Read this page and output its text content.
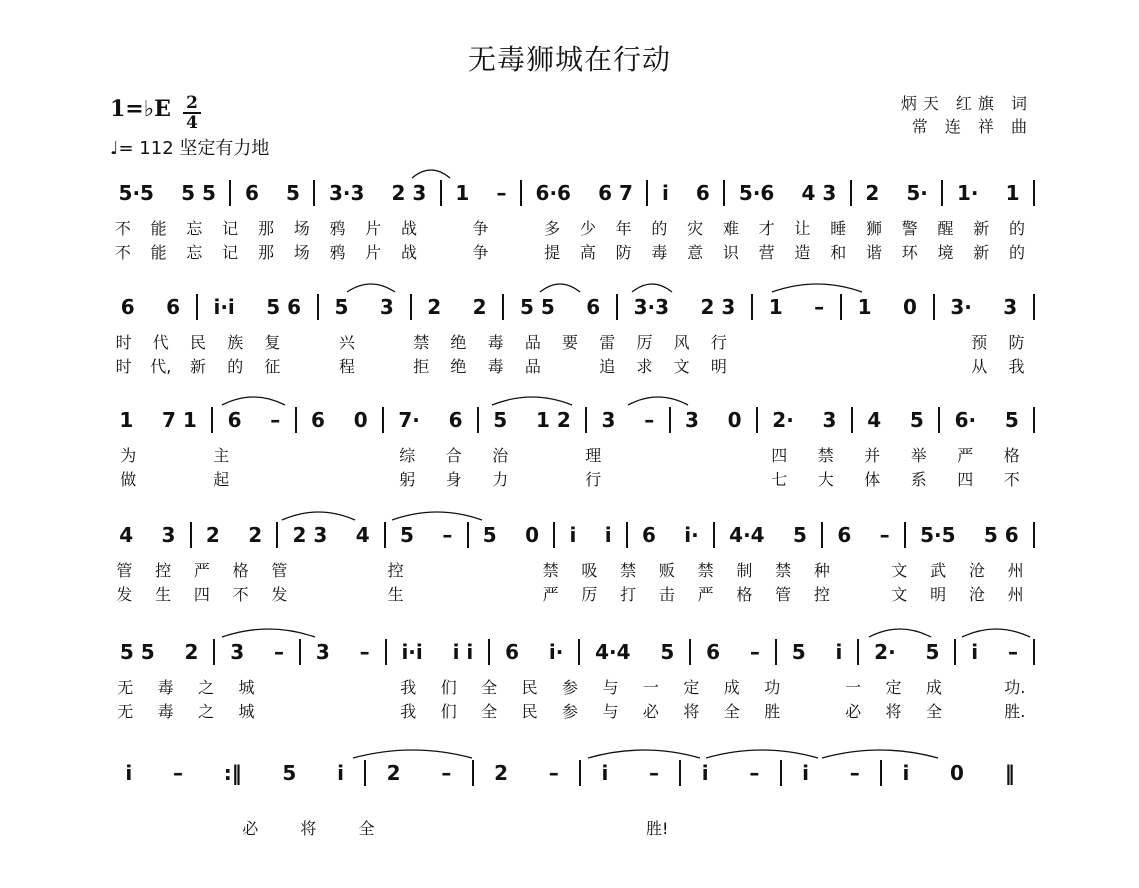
无毒狮城在行动
1=♭E 2
4
♩= 112 坚定有力地
炳天 红旗 词
常 连 祥 曲
5·5	5 5	6	5	3·3	2 3	1	–	6·6	6 7	i	6	5·6	4 3	2	5·	1·	1
不	能	忘	记	那	场	鸦	片	战	争	多	少	年	的	灾	难	才	让	睡	狮	警	醒	新	的
不	能	忘	记	那	场	鸦	片	战	争	提	高	防	毒	意	识	营	造	和	谐	环	境	新	的
6	6	i·i	5 6	5	3	2	2	5 5	6	3·3	2 3	1	–	1	0	3·	3
时	代	民	族	复	兴	禁	绝	毒	品	要	雷	厉	风	行	预	防
时	代,	新	的	征	程	拒	绝	毒	品	追	求	文	明	从	我
1	7 1	6	–	6	0	7·	6	5	1 2	3	–	3	0	2·	3	4	5	6·	5
为	主	综	合	治	理	四	禁	并	举	严	格
做	起	躬	身	力	行	七	大	体	系	四	不
4	3	2	2	2 3	4	5	–	5	0	i	i	6	i·	4·4	5	6	–	5·5	5 6
管	控	严	格	管	控	禁	吸	禁	贩	禁	制	禁	种	文	武	沧	州
发	生	四	不	发	生	严	厉	打	击	严	格	管	控	文	明	沧	州
5 5	2	3	–	3	–	i·i	i i	6	i·	4·4	5	6	–	5	i	2·	5	i	–
无	毒	之	城	我	们	全	民	参	与	一	定	成	功	一	定	成	功.
无	毒	之	城	我	们	全	民	参	与	必	将	全	胜	必	将	全	胜.
i	–	:‖	5	i	2	–	2	–	i	–	i	–	i	–	i	0	‖
必	将	全	胜!
